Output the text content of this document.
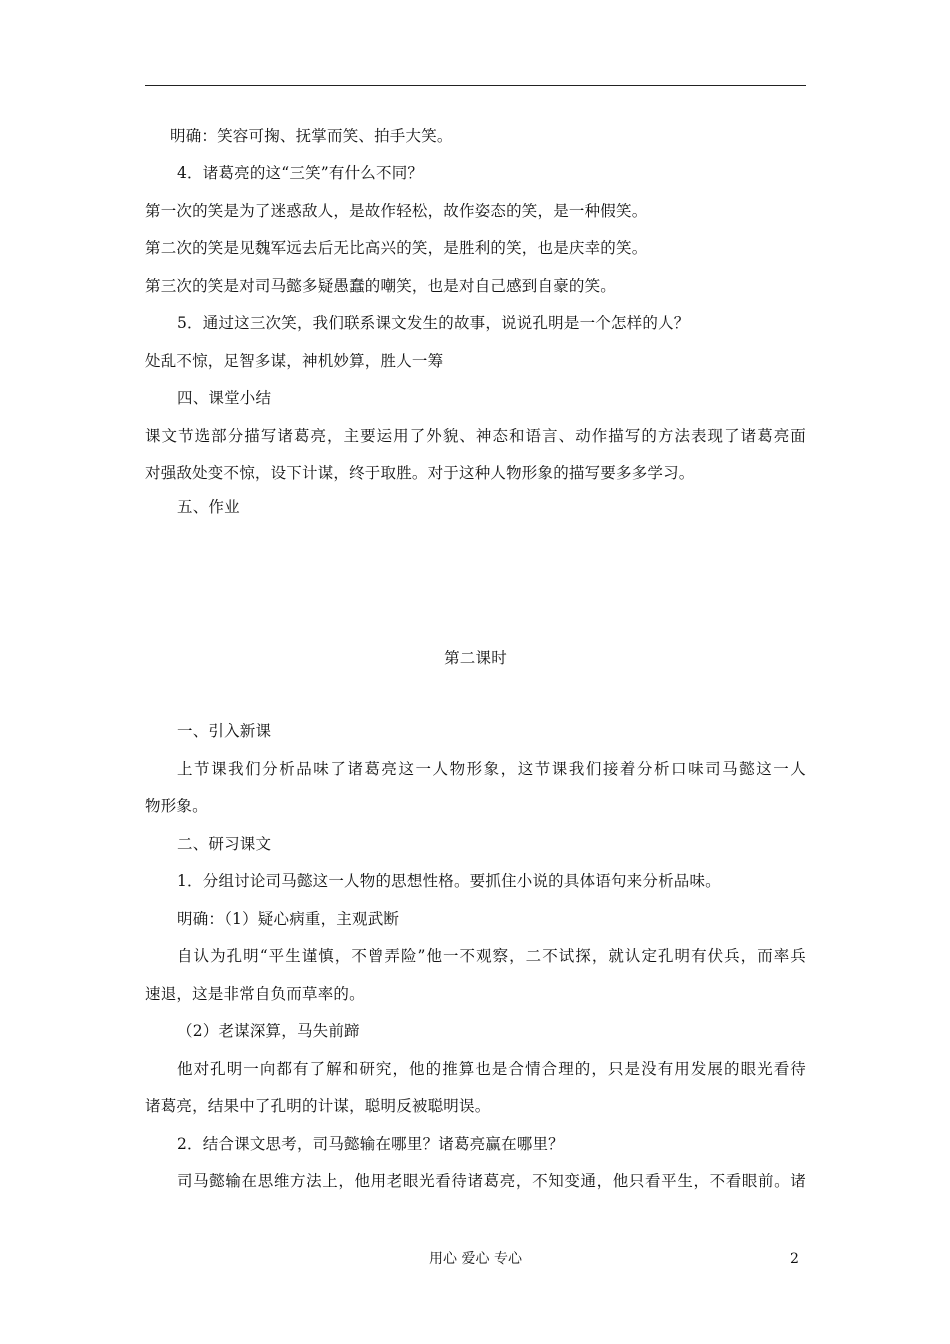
明确：笑容可掬、抚掌而笑、拍手大笑。
4．诸葛亮的这“三笑”有什么不同？
第一次的笑是为了迷惑敌人，是故作轻松，故作姿态的笑，是一种假笑。
第二次的笑是见魏军远去后无比高兴的笑，是胜利的笑，也是庆幸的笑。
第三次的笑是对司马懿多疑愚蠢的嘲笑，也是对自己感到自豪的笑。
5．通过这三次笑，我们联系课文发生的故事，说说孔明是一个怎样的人？
处乱不惊，足智多谋，神机妙算，胜人一筹
四、课堂小结
课文节选部分描写诸葛亮，主要运用了外貌、神态和语言、动作描写的方法表现了诸葛亮面
对强敌处变不惊，设下计谋，终于取胜。对于这种人物形象的描写要多多学习。
五、作业
第二课时
一、引入新课
上节课我们分析品味了诸葛亮这一人物形象，这节课我们接着分析口味司马懿这一人
物形象。
二、研习课文
1．分组讨论司马懿这一人物的思想性格。要抓住小说的具体语句来分析品味。
明确：（1）疑心病重，主观武断
自认为孔明“平生谨慎，不曾弄险”他一不观察，二不试探，就认定孔明有伏兵，而率兵
速退，这是非常自负而草率的。
（2）老谋深算，马失前蹄
他对孔明一向都有了解和研究，他的推算也是合情合理的，只是没有用发展的眼光看待
诸葛亮，结果中了孔明的计谋，聪明反被聪明误。
2．结合课文思考，司马懿输在哪里？诸葛亮赢在哪里？
司马懿输在思维方法上，他用老眼光看待诸葛亮，不知变通，他只看平生，不看眼前。诸
用心 爱心 专心	2
